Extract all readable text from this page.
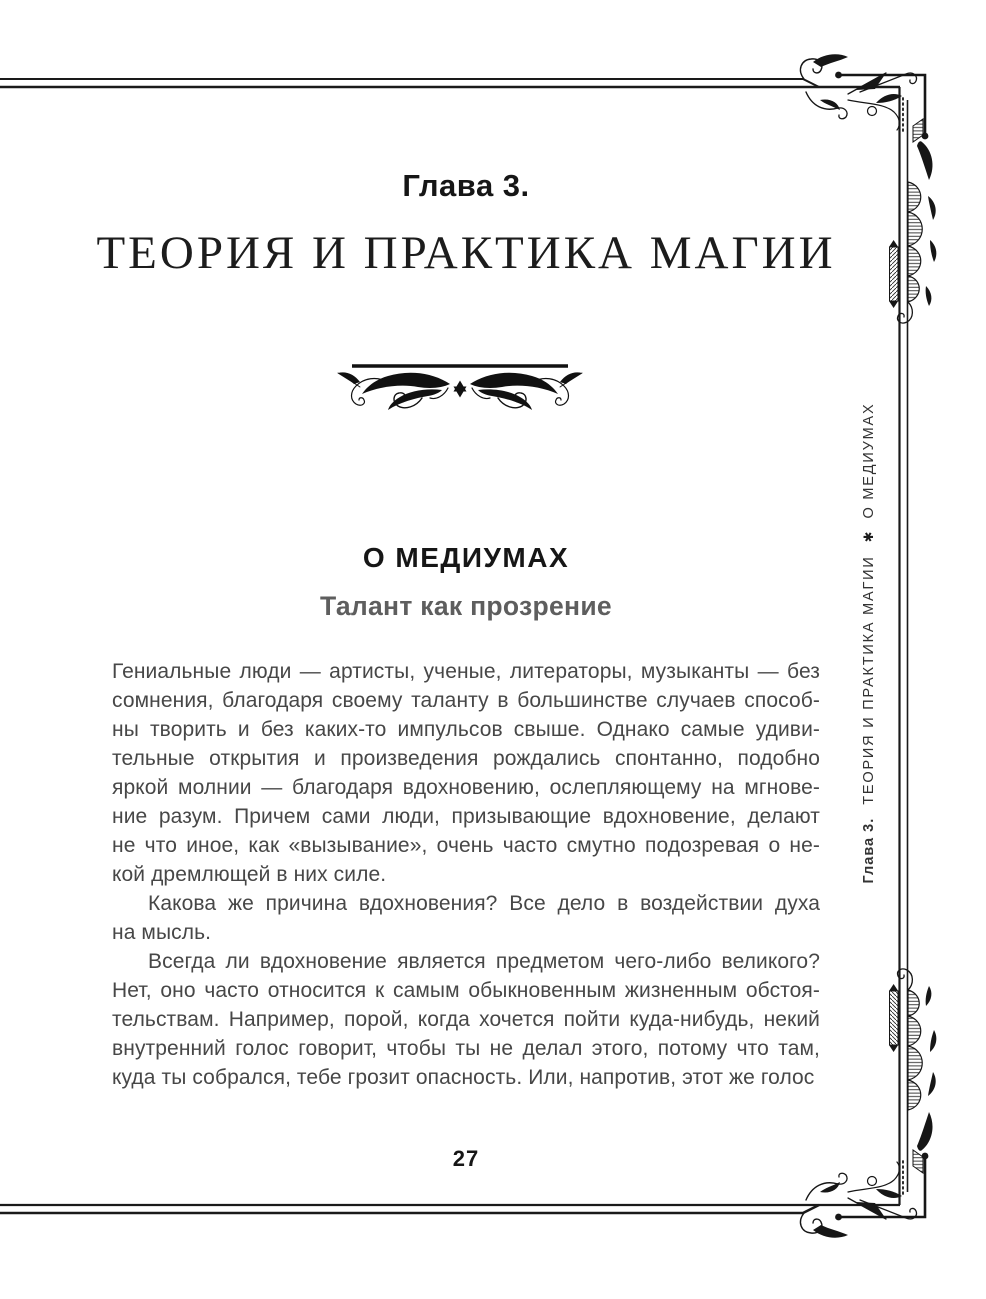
Глава 3.
ТЕОРИЯ И ПРАКТИКА МАГИИ
О МЕДИУМАХ
Талант как прозрение
Гениальные люди — артисты, ученые, литераторы, музыканты — без
сомнения, благодаря своему таланту в большинстве случаев способ-
ны творить и без каких-то импульсов свыше. Однако самые удиви-
тельные открытия и произведения рождались спонтанно, подобно
яркой молнии — благодаря вдохновению, ослепляющему на мгнове-
ние разум. Причем сами люди, призывающие вдохновение, делают
не что иное, как «вызывание», очень часто смутно подозревая о не-
кой дремлющей в них силе.
Какова же причина вдохновения? Все дело в воздействии духа
на мысль.
Всегда ли вдохновение является предметом чего-либо великого?
Нет, оно часто относится к самым обыкновенным жизненным обстоя-
тельствам. Например, порой, когда хочется пойти куда-нибудь, некий
внутренний голос говорит, чтобы ты не делал этого, потому что там,
куда ты собрался, тебе грозит опасность. Или, напротив, этот же голос
27
Глава 3.
ТЕОРИЯ И ПРАКТИКА МАГИИ
✱
О МЕДИУМАХ
